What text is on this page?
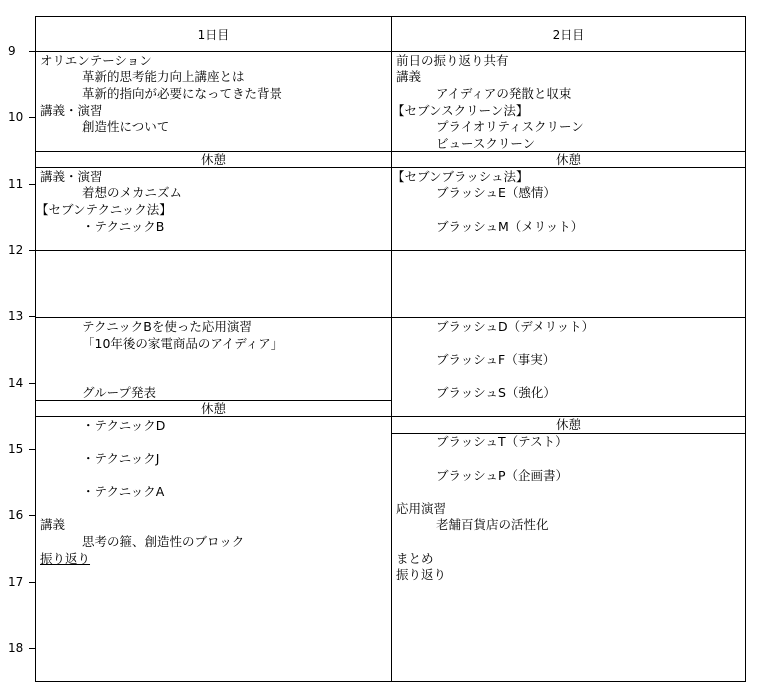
9
10
11
12
13
14
15
16
17
18
1日目	2日目
休憩
休憩
休憩
休憩
オリエンテーション
革新的思考能力向上講座とは
革新的指向が必要になってきた背景
講義・演習
創造性について
講義・演習
着想のメカニズム
【セブンテクニック法】
・テクニックB
テクニックBを使った応用演習
「10年後の家電商品のアイディア」
グループ発表
・テクニックD
・テクニックJ
・テクニックA
講義
思考の箍、創造性のブロック
振り返り
前日の振り返り共有
講義
アイディアの発散と収束
【セブンスクリーン法】
プライオリティスクリーン
ビュースクリーン
【セブンブラッシュ法】
ブラッシュE（感情）
ブラッシュM（メリット）
ブラッシュD（デメリット）
ブラッシュF（事実）
ブラッシュS（強化）
ブラッシュT（テスト）
ブラッシュP（企画書）
応用演習
老舗百貨店の活性化
まとめ
振り返り
